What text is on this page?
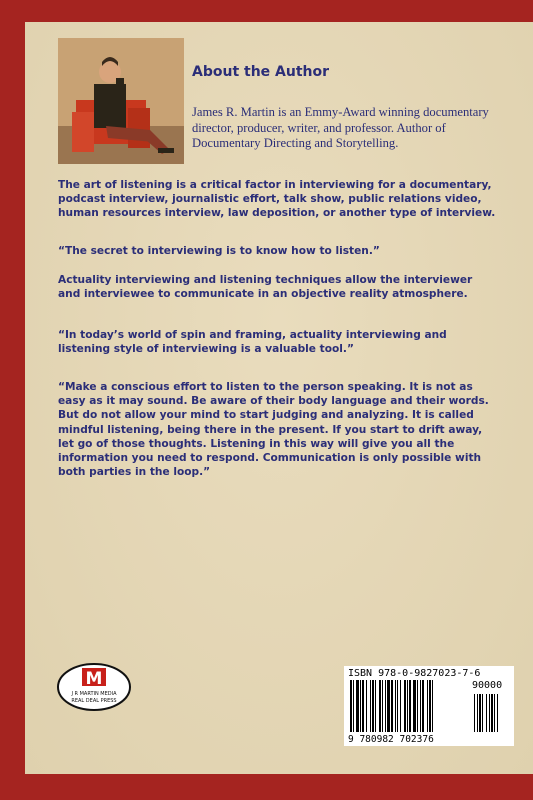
About the Author
James R. Martin is an Emmy-Award winning documentary director, producer, writer, and professor. Author of Documentary Directing and Storytelling.
The art of listening is a critical factor in interviewing for a documentary, podcast interview, journalistic effort, talk show, public relations video, human resources interview, law deposition, or another type of interview.
“The secret to interviewing is to know how to listen.”
Actuality interviewing and listening techniques allow the interviewer and interviewee to communicate in an objective reality atmosphere.
“In today’s world of spin and framing, actuality interviewing and listening style of interviewing is a valuable tool.”
“Make a conscious effort to listen to the person speaking. It is not as easy as it may sound. Be aware of their body language and their words. But do not allow your mind to start judging and analyzing. It is called mindful listening, being there in the present. If you start to drift away, let go of those thoughts. Listening in this way will give you all the information you need to respond. Communication is only possible with both parties in the loop.”
M
J R MARTIN MEDIA
REAL DEAL PRESS
ISBN 978-0-9827023-7-6
90000
9 780982 702376
